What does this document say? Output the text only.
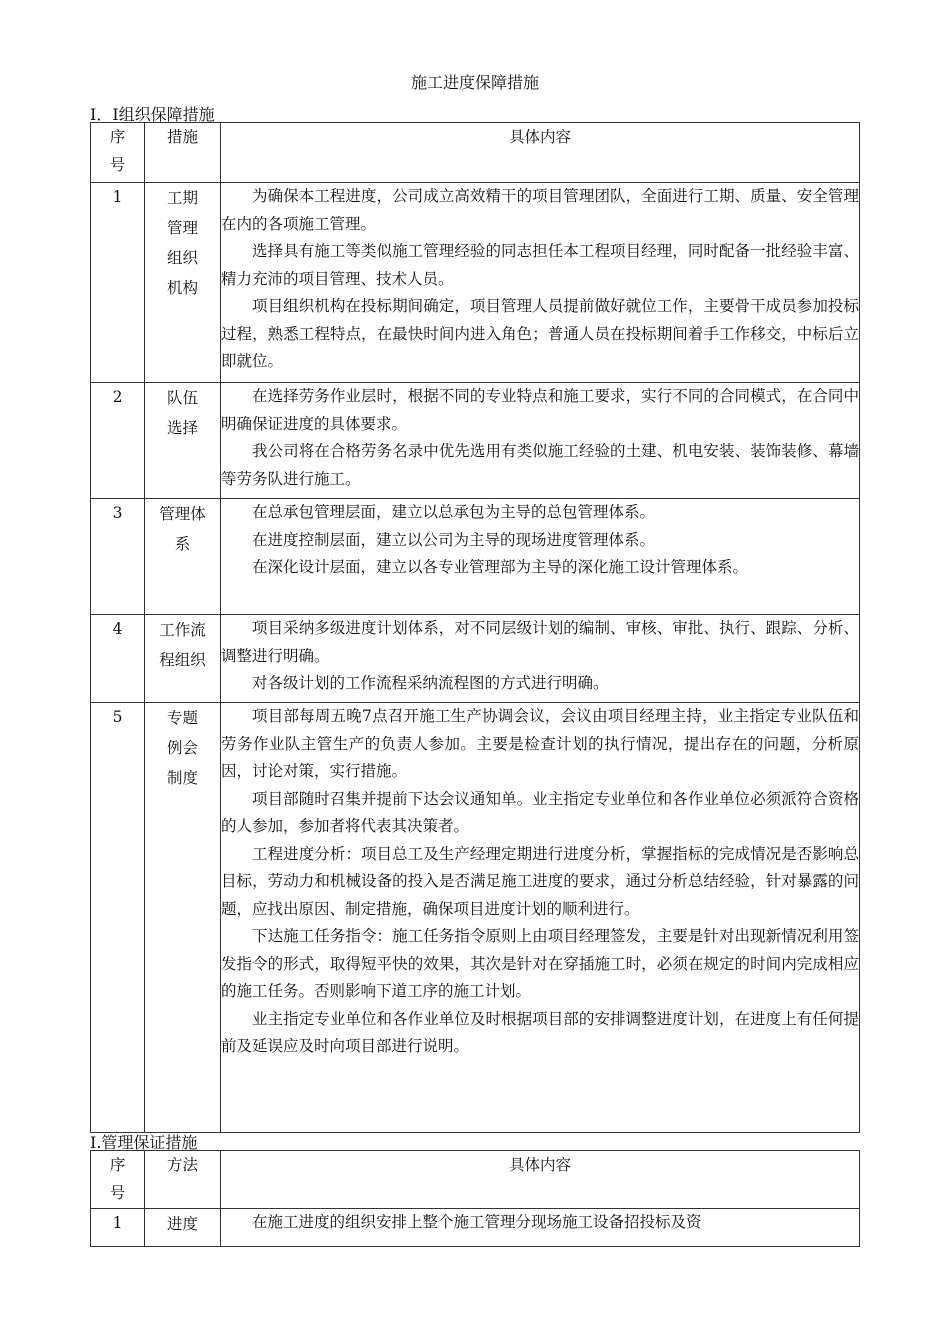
施工进度保障措施
I．I组织保障措施
序号	措施	具体内容
1	工期管理组织机构	为确保本工程进度，公司成立高效精干的项目管理团队，全面进行工期、质量、安全管理在内的各项施工管理。

选择具有施工等类似施工管理经验的同志担任本工程项目经理，同时配备一批经验丰富、精力充沛的项目管理、技术人员。

项目组织机构在投标期间确定，项目管理人员提前做好就位工作，主要骨干成员参加投标过程，熟悉工程特点，在最快时间内进入角色；普通人员在投标期间着手工作移交，中标后立即就位。

2	队伍选择	在选择劳务作业层时，根据不同的专业特点和施工要求，实行不同的合同模式，在合同中明确保证进度的具体要求。

我公司将在合格劳务名录中优先选用有类似施工经验的土建、机电安装、装饰装修、幕墙等劳务队进行施工。

3	管理体系	在总承包管理层面，建立以总承包为主导的总包管理体系。

在进度控制层面，建立以公司为主导的现场进度管理体系。

在深化设计层面，建立以各专业管理部为主导的深化施工设计管理体系。

4	工作流程组织	项目采纳多级进度计划体系，对不同层级计划的编制、审核、审批、执行、跟踪、分析、调整进行明确。

对各级计划的工作流程采纳流程图的方式进行明确。

5	专题例会制度	项目部每周五晚7点召开施工生产协调会议，会议由项目经理主持，业主指定专业队伍和劳务作业队主管生产的负责人参加。主要是检查计划的执行情况，提出存在的问题，分析原因，讨论对策，实行措施。

项目部随时召集并提前下达会议通知单。业主指定专业单位和各作业单位必须派符合资格的人参加，参加者将代表其决策者。

工程进度分析：项目总工及生产经理定期进行进度分析，掌握指标的完成情况是否影响总目标，劳动力和机械设备的投入是否满足施工进度的要求，通过分析总结经验，针对暴露的问题，应找出原因、制定措施，确保项目进度计划的顺利进行。

下达施工任务指令：施工任务指令原则上由项目经理签发，主要是针对出现新情况利用签发指令的形式，取得短平快的效果，其次是针对在穿插施工时，必须在规定的时间内完成相应的施工任务。否则影响下道工序的施工计划。

业主指定专业单位和各作业单位及时根据项目部的安排调整进度计划，在进度上有任何提前及延误应及时向项目部进行说明。

I.管理保证措施
序号	方法	具体内容
1	进度	在施工进度的组织安排上整个施工管理分现场施工设备招投标及资
